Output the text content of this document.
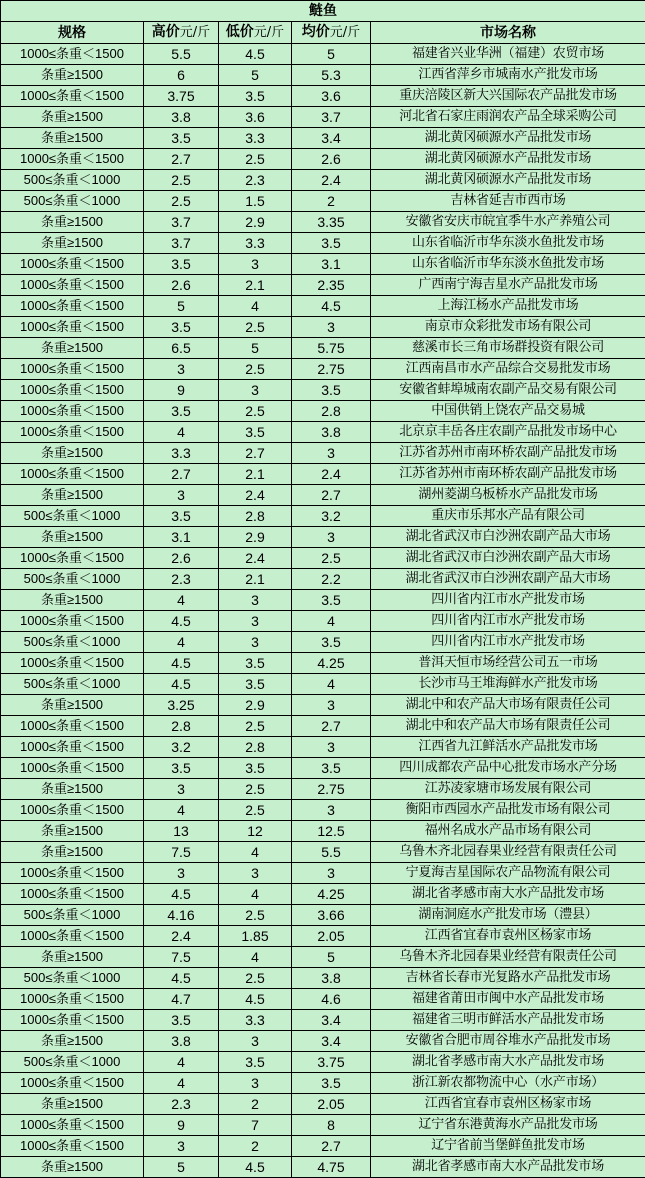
鲢鱼				
规格	高价元/斤	低价元/斤	均价元/斤	市场名称
1000≤条重＜1500	5.5	4.5	5	福建省兴业华洲（福建）农贸市场
条重≥1500	6	5	5.3	江西省萍乡市城南水产批发市场
1000≤条重＜1500	3.75	3.5	3.6	重庆涪陵区新大兴国际农产品批发市场
条重≥1500	3.8	3.6	3.7	河北省石家庄雨润农产品全球采购公司
条重≥1500	3.5	3.3	3.4	湖北黄冈硕源水产品批发市场
1000≤条重＜1500	2.7	2.5	2.6	湖北黄冈硕源水产品批发市场
500≤条重＜1000	2.5	2.3	2.4	湖北黄冈硕源水产品批发市场
500≤条重＜1000	2.5	1.5	2	吉林省延吉市西市场
条重≥1500	3.7	2.9	3.35	安徽省安庆市皖宜季牛水产养殖公司
条重≥1500	3.7	3.3	3.5	山东省临沂市华东淡水鱼批发市场
1000≤条重＜1500	3.5	3	3.1	山东省临沂市华东淡水鱼批发市场
1000≤条重＜1500	2.6	2.1	2.35	广西南宁海吉星水产品批发市场
1000≤条重＜1500	5	4	4.5	上海江杨水产品批发市场
1000≤条重＜1500	3.5	2.5	3	南京市众彩批发市场有限公司
条重≥1500	6.5	5	5.75	慈溪市长三角市场群投资有限公司
1000≤条重＜1500	3	2.5	2.75	江西南昌市水产品综合交易批发市场
1000≤条重＜1500	9	3	3.5	安徽省蚌埠城南农副产品交易有限公司
1000≤条重＜1500	3.5	2.5	2.8	中国供销上饶农产品交易城
1000≤条重＜1500	4	3.5	3.8	北京京丰岳各庄农副产品批发市场中心
条重≥1500	3.3	2.7	3	江苏省苏州市南环桥农副产品批发市场
1000≤条重＜1500	2.7	2.1	2.4	江苏省苏州市南环桥农副产品批发市场
条重≥1500	3	2.4	2.7	湖州菱湖乌板桥水产品批发市场
500≤条重＜1000	3.5	2.8	3.2	重庆市乐邦水产品有限公司
条重≥1500	3.1	2.9	3	湖北省武汉市白沙洲农副产品大市场
1000≤条重＜1500	2.6	2.4	2.5	湖北省武汉市白沙洲农副产品大市场
500≤条重＜1000	2.3	2.1	2.2	湖北省武汉市白沙洲农副产品大市场
条重≥1500	4	3	3.5	四川省内江市水产批发市场
1000≤条重＜1500	4.5	3	4	四川省内江市水产批发市场
500≤条重＜1000	4	3	3.5	四川省内江市水产批发市场
1000≤条重＜1500	4.5	3.5	4.25	普洱天恒市场经营公司五一市场
500≤条重＜1000	4.5	3.5	4	长沙市马王堆海鲜水产批发市场
条重≥1500	3.25	2.9	3	湖北中和农产品大市场有限责任公司
1000≤条重＜1500	2.8	2.5	2.7	湖北中和农产品大市场有限责任公司
1000≤条重＜1500	3.2	2.8	3	江西省九江鲜活水产品批发市场
1000≤条重＜1500	3.5	3.5	3.5	四川成都农产品中心批发市场水产分场
条重≥1500	3	2.5	2.75	江苏凌家塘市场发展有限公司
1000≤条重＜1500	4	2.5	3	衡阳市西园水产品批发市场有限公司
条重≥1500	13	12	12.5	福州名成水产品市场有限公司
条重≥1500	7.5	4	5.5	乌鲁木齐北园春果业经营有限责任公司
1000≤条重＜1500	3	3	3	宁夏海吉星国际农产品物流有限公司
1000≤条重＜1500	4.5	4	4.25	湖北省孝感市南大水产品批发市场
500≤条重＜1000	4.16	2.5	3.66	湖南洞庭水产批发市场（澧县）
1000≤条重＜1500	2.4	1.85	2.05	江西省宜春市袁州区杨家市场
条重≥1500	7.5	4	5	乌鲁木齐北园春果业经营有限责任公司
500≤条重＜1000	4.5	2.5	3.8	吉林省长春市光复路水产品批发市场
1000≤条重＜1500	4.7	4.5	4.6	福建省莆田市闽中水产品批发市场
1000≤条重＜1500	3.5	3.3	3.4	福建省三明市鲜活水产品批发市场
条重≥1500	3.8	3	3.4	安徽省合肥市周谷堆水产品批发市场
500≤条重＜1000	4	3.5	3.75	湖北省孝感市南大水产品批发市场
1000≤条重＜1500	4	3	3.5	浙江新农都物流中心（水产市场）
条重≥1500	2.3	2	2.05	江西省宜春市袁州区杨家市场
1000≤条重＜1500	9	7	8	辽宁省东港黄海水产品批发市场
1000≤条重＜1500	3	2	2.7	辽宁省前当堡鲜鱼批发市场
条重≥1500	5	4.5	4.75	湖北省孝感市南大水产品批发市场
